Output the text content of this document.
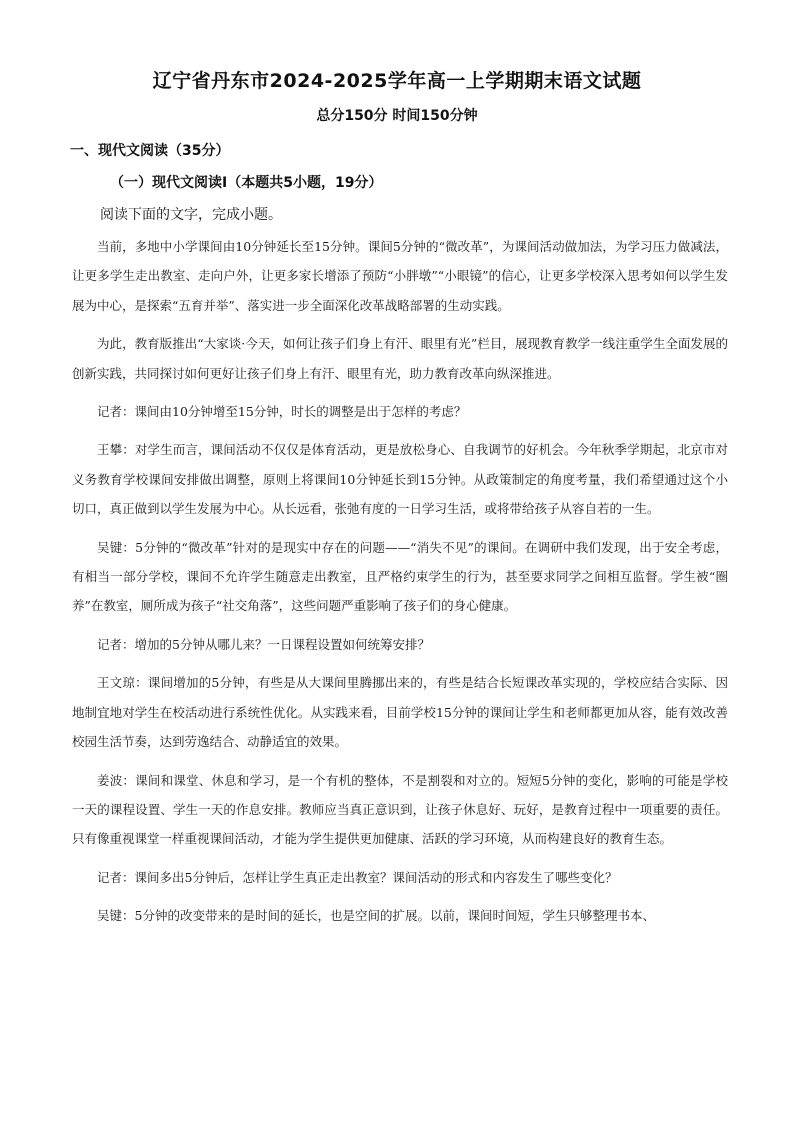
辽宁省丹东市2024-2025学年高一上学期期末语文试题
总分150分 时间150分钟
一、现代文阅读（35分）
（一）现代文阅读Ⅰ（本题共5小题，19分）

阅读下面的文字，完成小题。

当前，多地中小学课间由10分钟延长至15分钟。课间5分钟的“微改革”，为课间活动做加法，为学习压力做减法，让更多学生走出教室、走向户外，让更多家长增添了预防“小胖墩”“小眼镜”的信心，让更多学校深入思考如何以学生发展为中心，是探索“五育并举”、落实进一步全面深化改革战略部署的生动实践。

为此，教育版推出“大家谈·今天，如何让孩子们身上有汗、眼里有光”栏目，展现教育教学一线注重学生全面发展的创新实践，共同探讨如何更好让孩子们身上有汗、眼里有光，助力教育改革向纵深推进。

记者：课间由10分钟增至15分钟，时长的调整是出于怎样的考虑？

王攀：对学生而言，课间活动不仅仅是体育活动，更是放松身心、自我调节的好机会。今年秋季学期起，北京市对义务教育学校课间安排做出调整，原则上将课间10分钟延长到15分钟。从政策制定的角度考量，我们希望通过这个小切口，真正做到以学生发展为中心。从长远看，张弛有度的一日学习生活，或将带给孩子从容自若的一生。

吴键：5分钟的“微改革”针对的是现实中存在的问题——“消失不见”的课间。在调研中我们发现，出于安全考虑，有相当一部分学校，课间不允许学生随意走出教室，且严格约束学生的行为，甚至要求同学之间相互监督。学生被“圈养”在教室，厕所成为孩子“社交角落”，这些问题严重影响了孩子们的身心健康。

记者：增加的5分钟从哪儿来？一日课程设置如何统筹安排？

王文琼：课间增加的5分钟，有些是从大课间里腾挪出来的，有些是结合长短课改革实现的，学校应结合实际、因地制宜地对学生在校活动进行系统性优化。从实践来看，目前学校15分钟的课间让学生和老师都更加从容，能有效改善校园生活节奏，达到劳逸结合、动静适宜的效果。

姜波：课间和课堂、休息和学习，是一个有机的整体，不是割裂和对立的。短短5分钟的变化，影响的可能是学校一天的课程设置、学生一天的作息安排。教师应当真正意识到，让孩子休息好、玩好，是教育过程中一项重要的责任。只有像重视课堂一样重视课间活动，才能为学生提供更加健康、活跃的学习环境，从而构建良好的教育生态。

记者：课间多出5分钟后，怎样让学生真正走出教室？课间活动的形式和内容发生了哪些变化？

吴键：5分钟的改变带来的是时间的延长，也是空间的扩展。以前，课间时间短，学生只够整理书本、
